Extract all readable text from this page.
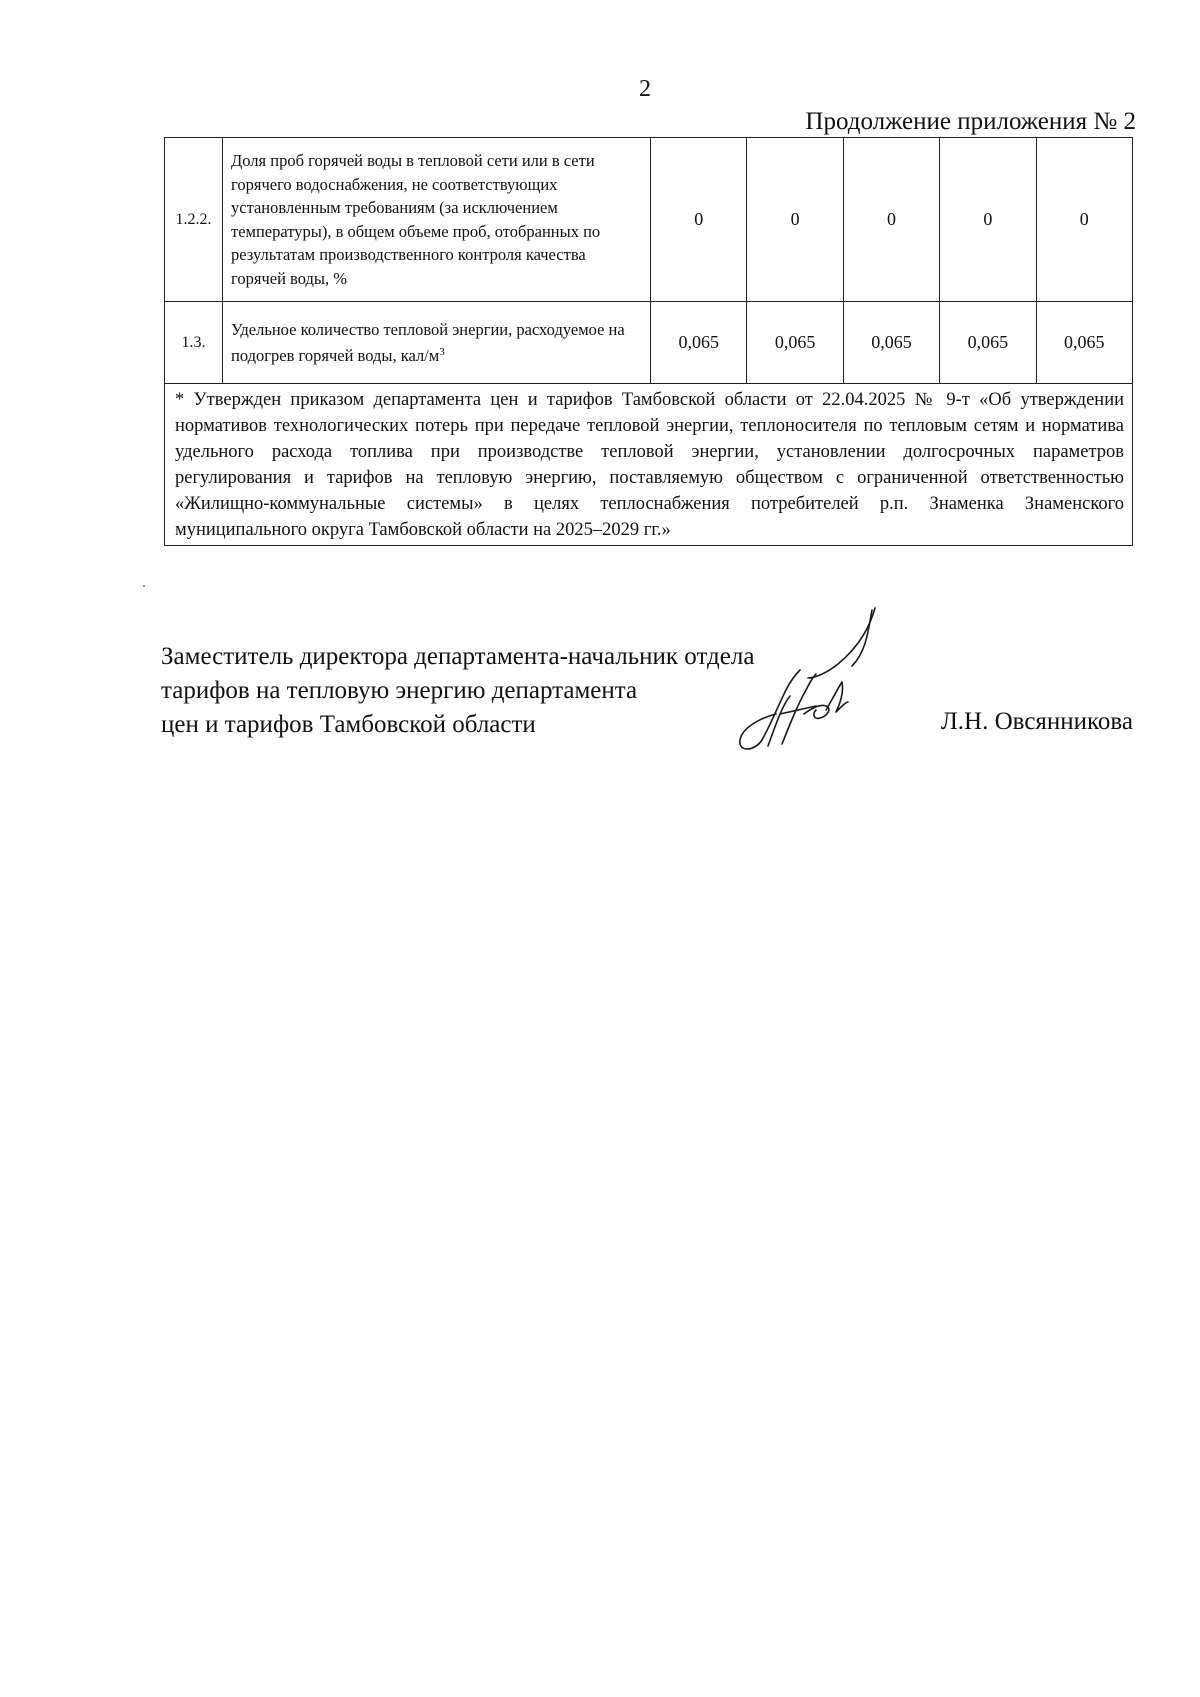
2
Продолжение приложения № 2
1.2.2.	Доля проб горячей воды в тепловой сети или в сети горячего водоснабжения, не соответствующих установленным требованиям (за исключением температуры), в общем объеме проб, отобранных по результатам производственного контроля качества горячей воды, %	0	0	0	0	0
1.3.	Удельное количество тепловой энергии, расходуемое на подогрев горячей воды, кал/$м^3$	0,065	0,065	0,065	0,065	0,065
* Утвержден приказом департамента цен и тарифов Тамбовской области от 22.04.2025 № 9-т «Об утверждении нормативов технологических потерь при передаче тепловой энергии, теплоносителя по тепловым сетям и норматива удельного расхода топлива при производстве тепловой энергии, установлении долгосрочных параметров регулирования и тарифов на тепловую энергию, поставляемую обществом с ограниченной ответственностью «Жилищно-коммунальные системы» в целях теплоснабжения потребителей р.п. Знаменка Знаменского муниципального округа Тамбовской области на 2025–2029 гг.»						
Заместитель директора департамента-начальник отдела
тарифов на тепловую энергию департамента
цен и тарифов Тамбовской области	Л.Н. Овсянникова
